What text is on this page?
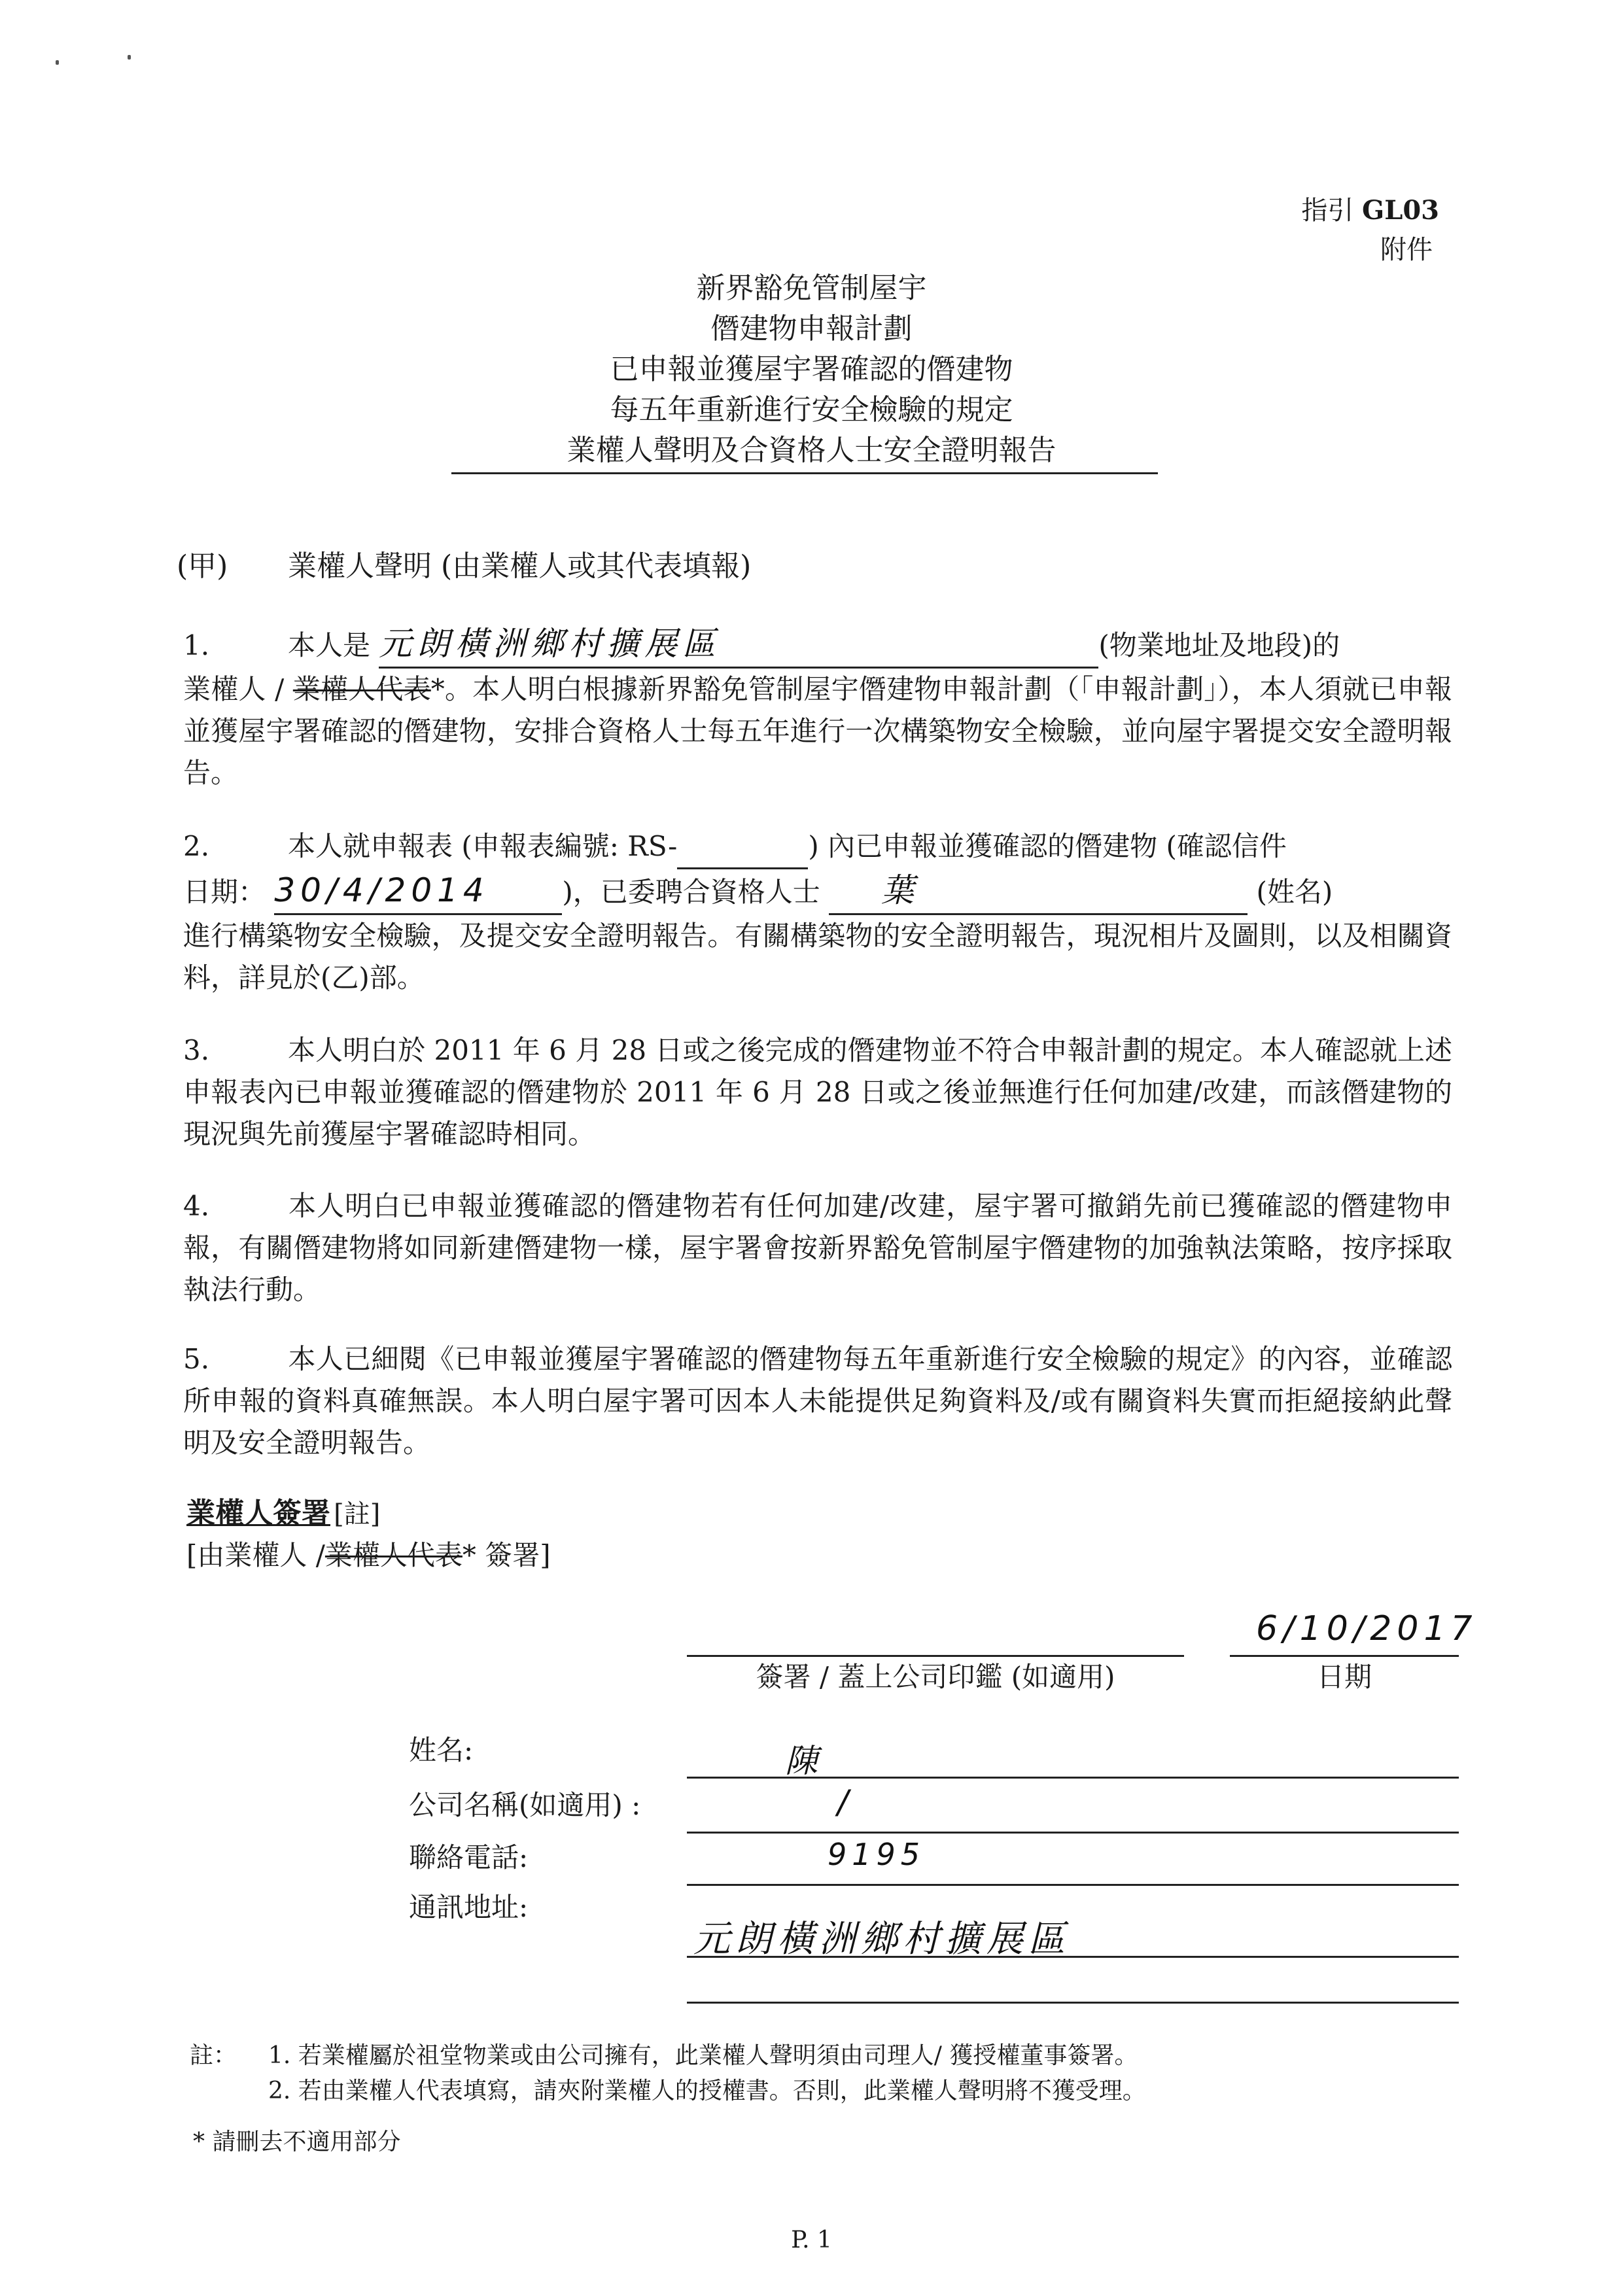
指引 GL03
附件
新界豁免管制屋宇
僭建物申報計劃
已申報並獲屋宇署確認的僭建物
每五年重新進行安全檢驗的規定
業權人聲明及合資格人士安全證明報告
(甲) 業權人聲明 (由業權人或其代表填報)
1.	本人是 元朗橫洲鄉村擴展區	(物業地址及地段)的
業權人 / 業權人代表*。本人明白根據新界豁免管制屋宇僭建物申報計劃（「申報計劃」），本人須就已申報並獲屋宇署確認的僭建物，安排合資格人士每五年進行一次構築物安全檢驗，並向屋宇署提交安全證明報告。
2.	本人就申報表 (申報表編號: RS-	) 內已申報並獲確認的僭建物 (確認信件
日期： 30/4/2014	)，已委聘合資格人士 葉	(姓名)
進行構築物安全檢驗，及提交安全證明報告。有關構築物的安全證明報告，現況相片及圖則，以及相關資料，詳見於(乙)部。
3.	本人明白於 2011 年 6 月 28 日或之後完成的僭建物並不符合申報計劃的規定。本人確認就上述申報表內已申報並獲確認的僭建物於 2011 年 6 月 28 日或之後並無進行任何加建/改建，而該僭建物的現況與先前獲屋宇署確認時相同。
4.	本人明白已申報並獲確認的僭建物若有任何加建/改建，屋宇署可撤銷先前已獲確認的僭建物申報，有關僭建物將如同新建僭建物一樣，屋宇署會按新界豁免管制屋宇僭建物的加強執法策略，按序採取執法行動。
5.	本人已細閱《已申報並獲屋宇署確認的僭建物每五年重新進行安全檢驗的規定》的內容，並確認所申報的資料真確無誤。本人明白屋宇署可因本人未能提供足夠資料及/或有關資料失實而拒絕接納此聲明及安全證明報告。
業權人簽署 [註]
[由業權人 /業權人代表* 簽署]
6/10/2017
簽署 / 蓋上公司印鑑 (如適用)	日期
姓名:	陳
公司名稱(如適用) :	/
聯絡電話:	9195
通訊地址:
元朗橫洲鄉村擴展區
註： 1. 若業權屬於祖堂物業或由公司擁有，此業權人聲明須由司理人/ 獲授權董事簽署。
2. 若由業權人代表填寫，請夾附業權人的授權書。否則，此業權人聲明將不獲受理。
* 請刪去不適用部分
P. 1
